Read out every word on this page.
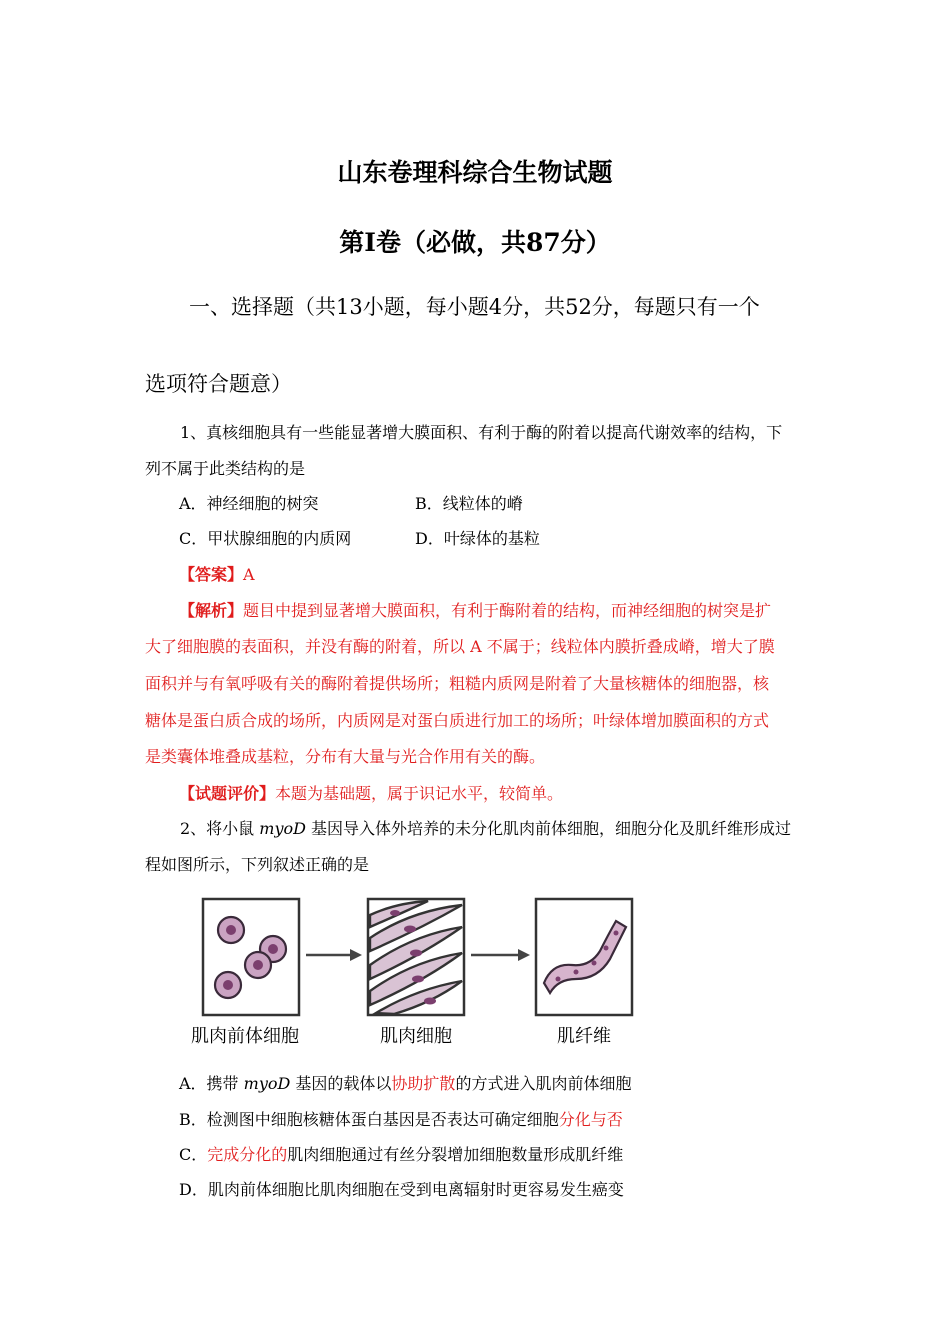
山东卷理科综合生物试题
第I卷（必做，共87分）
一、选择题（共13小题，每小题4分，共52分，每题只有一个
选项符合题意）
1、真核细胞具有一些能显著增大膜面积、有利于酶的附着以提高代谢效率的结构，下
列不属于此类结构的是
A．神经细胞的树突	B．线粒体的嵴
C．甲状腺细胞的内质网	D．叶绿体的基粒
【答案】A
【解析】题目中提到显著增大膜面积，有利于酶附着的结构，而神经细胞的树突是扩
大了细胞膜的表面积，并没有酶的附着，所以 A 不属于；线粒体内膜折叠成嵴，增大了膜
面积并与有氧呼吸有关的酶附着提供场所；粗糙内质网是附着了大量核糖体的细胞器，核
糖体是蛋白质合成的场所，内质网是对蛋白质进行加工的场所；叶绿体增加膜面积的方式
是类囊体堆叠成基粒，分布有大量与光合作用有关的酶。
【试题评价】本题为基础题，属于识记水平，较简单。
2、将小鼠 myoD 基因导入体外培养的未分化肌肉前体细胞，细胞分化及肌纤维形成过
程如图所示，下列叙述正确的是
肌肉前体细胞	肌肉细胞	肌纤维
A．携带 myoD 基因的载体以协助扩散的方式进入肌肉前体细胞
B．检测图中细胞核糖体蛋白基因是否表达可确定细胞分化与否
C．完成分化的肌肉细胞通过有丝分裂增加细胞数量形成肌纤维
D．肌肉前体细胞比肌肉细胞在受到电离辐射时更容易发生癌变
